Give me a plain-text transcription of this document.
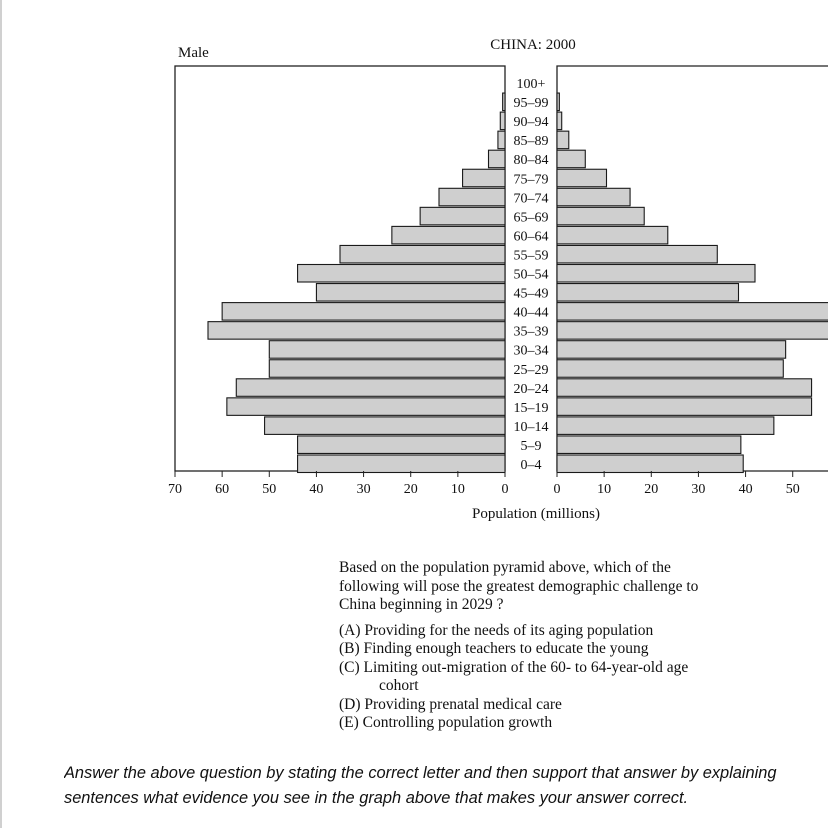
CHINA: 2000
Male
100+
95–99
90–94
85–89
80–84
75–79
70–74
65–69
60–64
55–59
50–54
45–49
40–44
35–39
30–34
25–29
20–24
15–19
10–14
5–9
0–4
70 60 50 40 30 20 10	0	0	10 20 30 40 50
Population (millions)
Based on the population pyramid above, which of the
following will pose the greatest demographic challenge to
China beginning in 2029 ?
(A) Providing for the needs of its aging population
(B) Finding enough teachers to educate the young
(C) Limiting out-migration of the 60- to 64-year-old age
cohort
(D) Providing prenatal medical care
(E) Controlling population growth
Answer the above question by stating the correct letter and then support that answer by explaining
sentences what evidence you see in the graph above that makes your answer correct.
